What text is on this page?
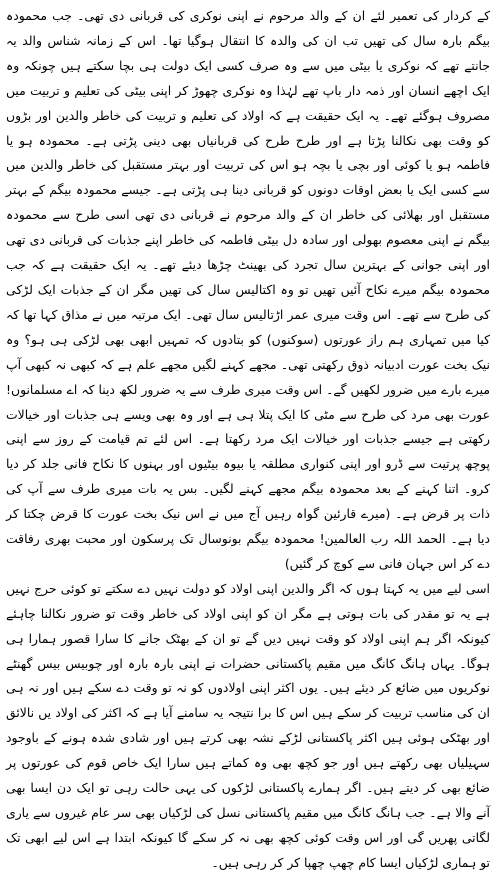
کے کردار کی تعمیر لئے ان کے والد مرحوم نے اپنی نوکری کی قربانی دی تھی۔ جب محمودہ بیگم بارہ سال کی تھیں تب ان کی والدہ کا انتقال ہوگیا تھا۔ اس کے زمانہ شناس والد یہ جانتے تھے کہ نوکری یا بیٹی میں سے وہ صرف کسی ایک دولت ہی بچا سکتے ہیں چونکہ وہ ایک اچھے انسان اور ذمہ دار باپ تھے لہٰذا وہ نوکری چھوڑ کر اپنی بیٹی کی تعلیم و تربیت میں مصروف ہوگئے تھے۔ یہ ایک حقیقت ہے کہ اولاد کی تعلیم و تربیت کی خاطر والدین اور بڑوں کو وقت بھی نکالنا پڑتا ہے اور طرح طرح کی قربانیاں بھی دینی پڑتی ہے۔ محمودہ ہو یا فاطمہ ہو یا کوئی اور بچی یا بچہ ہو اس کی تربیت اور بہتر مستقبل کی خاطر والدین میں سے کسی ایک یا بعض اوقات دونوں کو قربانی دینا ہی پڑتی ہے۔ جیسے محمودہ بیگم کے بہتر مستقبل اور بھلائی کی خاطر ان کے والد مرحوم نے قربانی دی تھی اسی طرح سے محمودہ بیگم نے اپنی معصوم بھولی اور سادہ دل بیٹی فاطمہ کی خاطر اپنے جذبات کی قربانی دی تھی اور اپنی جوانی کے بہترین سال تجرد کی بھینٹ چڑھا دیئے تھے۔ یہ ایک حقیقت ہے کہ جب محمودہ بیگم میرے نکاح آئیں تھیں تو وہ اکتالیس سال کی تھیں مگر ان کے جذبات ایک لڑکی کی طرح سے تھے۔ اس وقت میری عمر اڑتالیس سال تھی۔ ایک مرتبہ میں نے مذاق کہا تھا کہ کیا میں تمہاری ہم راز عورتوں (سوکنوں) کو بتادوں کہ تمہیں ابھی بھی لڑکی ہی ہو؟ وہ نیک بخت عورت ادبیانہ ذوق رکھتی تھی۔ مجھے کہنے لگیں مجھے علم ہے کہ کبھی نہ کبھی آپ میرے بارے میں ضرور لکھیں گے۔ اس وقت میری طرف سے یہ ضرور لکھ دینا کہ اے مسلمانوں! عورت بھی مرد کی طرح سے مٹی کا ایک پتلا ہی ہے اور وہ بھی ویسے ہی جذبات اور خیالات رکھتی ہے جیسے جذبات اور خیالات ایک مرد رکھتا ہے۔ اس لئے تم قیامت کے روز سے اپنی پوچھ پرتیت سے ڈرو اور اپنی کنواری مطلقہ یا بیوہ بیٹیوں اور بہنوں کا نکاح فانی جلد کر دیا کرو۔ اتنا کہنے کے بعد محمودہ بیگم مجھے کہنے لگیں۔ بس یہ بات میری طرف سے آپ کی ذات پر قرض ہے۔ (میرے قارئین گواہ رہیں آج میں نے اس نیک بخت عورت کا قرض چکتا کر دیا ہے۔ الحمد اللہ رب العالمین! محمودہ بیگم بونوسال تک پرسکون اور محبت بھری رفاقت دے کر اس جہان فانی سے کوچ کر گئیں)
اسی لیے میں یہ کہتا ہوں کہ اگر والدین اپنی اولاد کو دولت نہیں دے سکتے تو کوئی حرج نہیں ہے یہ تو مقدر کی بات ہوتی ہے مگر ان کو اپنی اولاد کی خاطر وقت تو ضرور نکالنا چاہئے کیونکہ اگر ہم اپنی اولاد کو وقت نہیں دیں گے تو ان کے بھٹک جانے کا سارا قصور ہمارا ہی ہوگا۔ یہاں ہانگ کانگ میں مقیم پاکستانی حضرات نے اپنی بارہ بارہ اور چوبیس بیس گھنٹے نوکریوں میں ضائع کر دیئے ہیں۔ یوں اکثر اپنی اولادوں کو نہ تو وقت دے سکے ہیں اور نہ ہی ان کی مناسب تربیت کر سکے ہیں اس کا برا نتیجہ یہ سامنے آیا ہے کہ اکثر کی اولاد یں نالائق اور بھٹکی ہوئی ہیں اکثر پاکستانی لڑکے نشہ بھی کرتے ہیں اور شادی شدہ ہونے کے باوجود سہیلیاں بھی رکھتے ہیں اور جو کچھ بھی وہ کماتے ہیں سارا ایک خاص قوم کی عورتوں پر ضائع بھی کر دیتے ہیں۔ اگر ہمارے پاکستانی لڑکوں کی یہی حالت رہی تو ایک دن ایسا بھی آنے والا ہے۔ جب ہانگ کانگ میں مقیم پاکستانی نسل کی لڑکیاں بھی سر عام غیروں سے یاری لگاتی پھریں گی اور اس وقت کوئی کچھ بھی نہ کر سکے گا کیونکہ ابتدا ہے اس لیے ابھی تک تو ہماری لڑکیاں ایسا کام چھپ چھپا کر کر رہی ہیں۔
